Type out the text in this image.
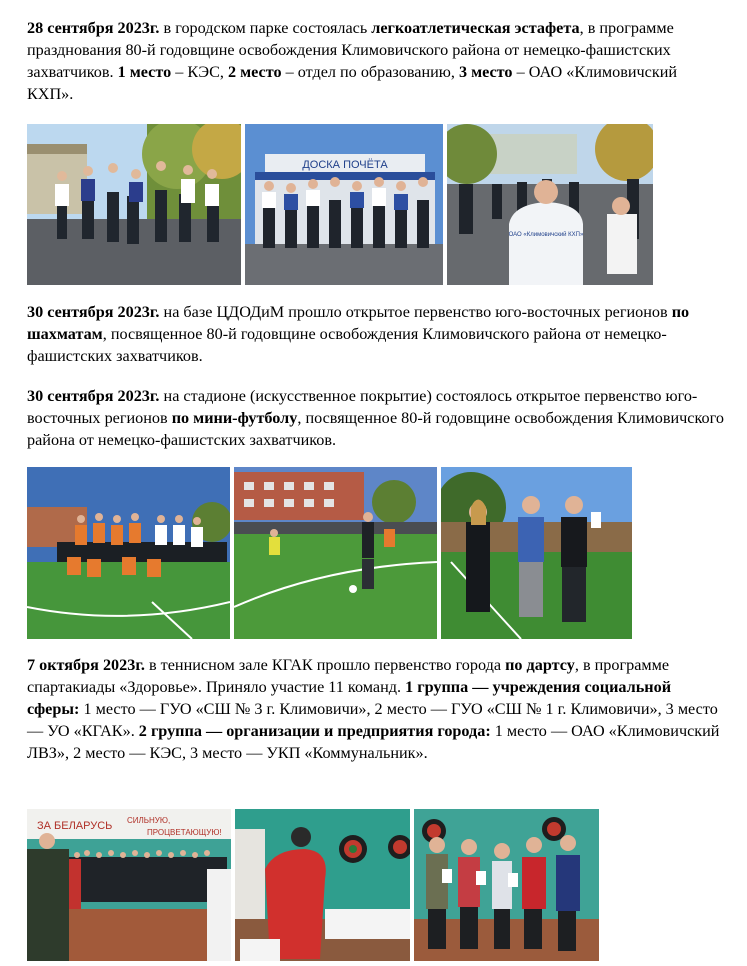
28 сентября 2023г. в городском парке состоялась легкоатлетическая эстафета, в программе празднования 80-й годовщине освобождения Климовичского района от немецко-фашистских захватчиков. 1 место – КЭС, 2 место – отдел по образованию, 3 место – ОАО «Климовичский КХП».

ДОСКА ПОЧЁТА
ОАО «Климовичский КХП»

30 сентября 2023г. на базе ЦДОДиМ прошло открытое первенство юго-восточных регионов по шахматам, посвященное 80-й годовщине освобождения Климовичского района от немецко-фашистских захватчиков.

30 сентября 2023г. на стадионе (искусственное покрытие) состоялось открытое первенство юго-восточных регионов по мини-футболу, посвященное 80-й годовщине освобождения Климовичского района от немецко-фашистских захватчиков.

7 октября 2023г. в теннисном зале КГАК прошло первенство города по дартсу, в программе спартакиады «Здоровье». Приняло участие 11 команд. 1 группа — учреждения социальной сферы: 1 место — ГУО «СШ № 3 г. Климовичи», 2 место — ГУО «СШ № 1 г. Климовичи», 3 место — УО «КГАК». 2 группа — организации и предприятия города: 1 место — ОАО «Климовичский ЛВЗ», 2 место — КЭС, 3 место — УКП «Коммунальник».

ЗА БЕЛАРУСЬ СИЛЬНУЮ,
ПРОЦВЕТАЮЩУЮ!
